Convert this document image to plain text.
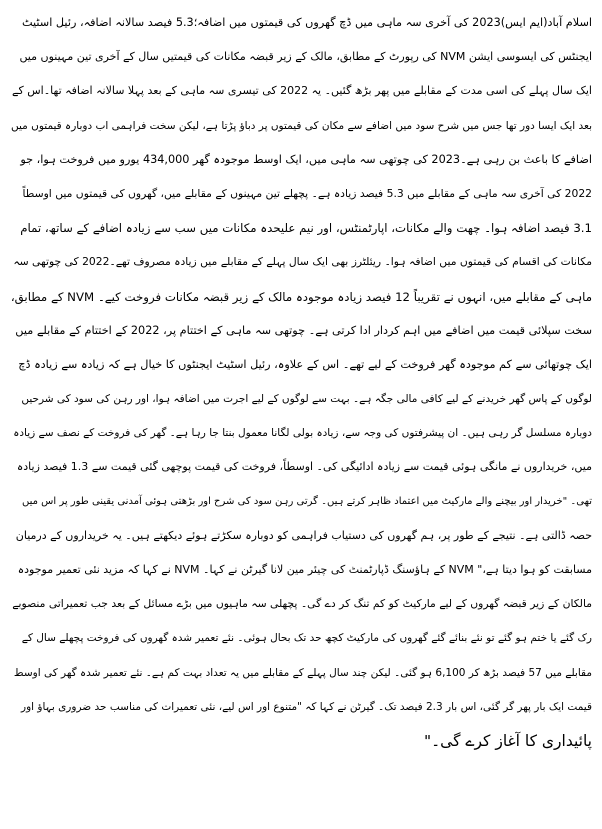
اسلام آباد(ایم ایس)2023 کی آخری سہ ماہی میں ڈچ گھروں کی قیمتوں میں اضافہ؛5.3 فیصد سالانہ اضافہ، رئیل اسٹیٹ
ایجنٹس کی ایسوسی ایشن NVM کی رپورٹ کے مطابق، مالک کے زیر قبضہ مکانات کی قیمتیں سال کے آخری تین مہینوں میں
ایک سال پہلے کی اسی مدت کے مقابلے میں پھر بڑھ گئیں۔ یہ 2022 کی تیسری سہ ماہی کے بعد پہلا سالانہ اضافہ تھا۔اس کے
بعد ایک ایسا دور تھا جس میں شرح سود میں اضافے سے مکان کی قیمتوں پر دباؤ پڑتا ہے، لیکن سخت فراہمی اب دوبارہ قیمتوں میں
اضافے کا باعث بن رہی ہے۔2023 کی چوتھی سہ ماہی میں، ایک اوسط موجودہ گھر 434,000 یورو میں فروخت ہوا، جو
2022 کی آخری سہ ماہی کے مقابلے میں 5.3 فیصد زیادہ ہے۔ پچھلے تین مہینوں کے مقابلے میں، گھروں کی قیمتوں میں اوسطاً
3.1 فیصد اضافہ ہوا۔ چھت والے مکانات، اپارٹمنٹس، اور نیم علیحدہ مکانات میں سب سے زیادہ اضافے کے ساتھ، تمام
مکانات کی اقسام کی قیمتوں میں اضافہ ہوا۔ ریئلٹرز بھی ایک سال پہلے کے مقابلے میں زیادہ مصروف تھے۔2022 کی چوتھی سہ
ماہی کے مقابلے میں، انہوں نے تقریباً 12 فیصد زیادہ موجودہ مالک کے زیر قبضہ مکانات فروخت کیے۔ NVM کے مطابق،
سخت سپلائی قیمت میں اضافے میں اہم کردار ادا کرتی ہے۔ چوتھی سہ ماہی کے اختتام پر، 2022 کے اختتام کے مقابلے میں
ایک چوتھائی سے کم موجودہ گھر فروخت کے لیے تھے۔ اس کے علاوہ، رئیل اسٹیٹ ایجنٹوں کا خیال ہے کہ زیادہ سے زیادہ ڈچ
لوگوں کے پاس گھر خریدنے کے لیے کافی مالی جگہ ہے۔ بہت سے لوگوں کے لیے اجرت میں اضافہ ہوا، اور رہن کی سود کی شرحیں
دوبارہ مسلسل گر رہی ہیں۔ ان پیشرفتوں کی وجہ سے، زیادہ بولی لگانا معمول بنتا جا رہا ہے۔ گھر کی فروخت کے نصف سے زیادہ
میں، خریداروں نے مانگی ہوئی قیمت سے زیادہ ادائیگی کی۔ اوسطاً، فروخت کی قیمت پوچھی گئی قیمت سے 1.3 فیصد زیادہ
تھی۔ "خریدار اور بیچنے والے مارکیٹ میں اعتماد ظاہر کرتے ہیں۔ گرتی رہن سود کی شرح اور بڑھتی ہوئی آمدنی یقینی طور پر اس میں
حصہ ڈالتی ہے۔ نتیجے کے طور پر، ہم گھروں کی دستیاب فراہمی کو دوبارہ سکڑتے ہوئے دیکھتے ہیں۔ یہ خریداروں کے درمیان
مسابقت کو ہوا دیتا ہے،" NVM کے ہاؤسنگ ڈپارٹمنٹ کی چیئر مین لانا گیرٹن نے کہا۔ NVM نے کہا کہ مزید نئی تعمیر موجودہ
مالکان کے زیر قبضہ گھروں کے لیے مارکیٹ کو کم تنگ کر دے گی۔ پچھلی سہ ماہیوں میں بڑے مسائل کے بعد جب تعمیراتی منصوبے
رک گئے یا ختم ہو گئے تو نئے بنائے گئے گھروں کی مارکیٹ کچھ حد تک بحال ہوئی۔ نئے تعمیر شدہ گھروں کی فروخت پچھلے سال کے
مقابلے میں 57 فیصد بڑھ کر 6,100 ہو گئی۔ لیکن چند سال پہلے کے مقابلے میں یہ تعداد بہت کم ہے۔ نئے تعمیر شدہ گھر کی اوسط
قیمت ایک بار پھر گر گئی، اس بار 2.3 فیصد تک۔ گیرٹن نے کہا کہ "متنوع اور اس لیے، نئی تعمیرات کی مناسب حد ضروری بہاؤ اور
پائیداری کا آغاز کرے گی۔"
